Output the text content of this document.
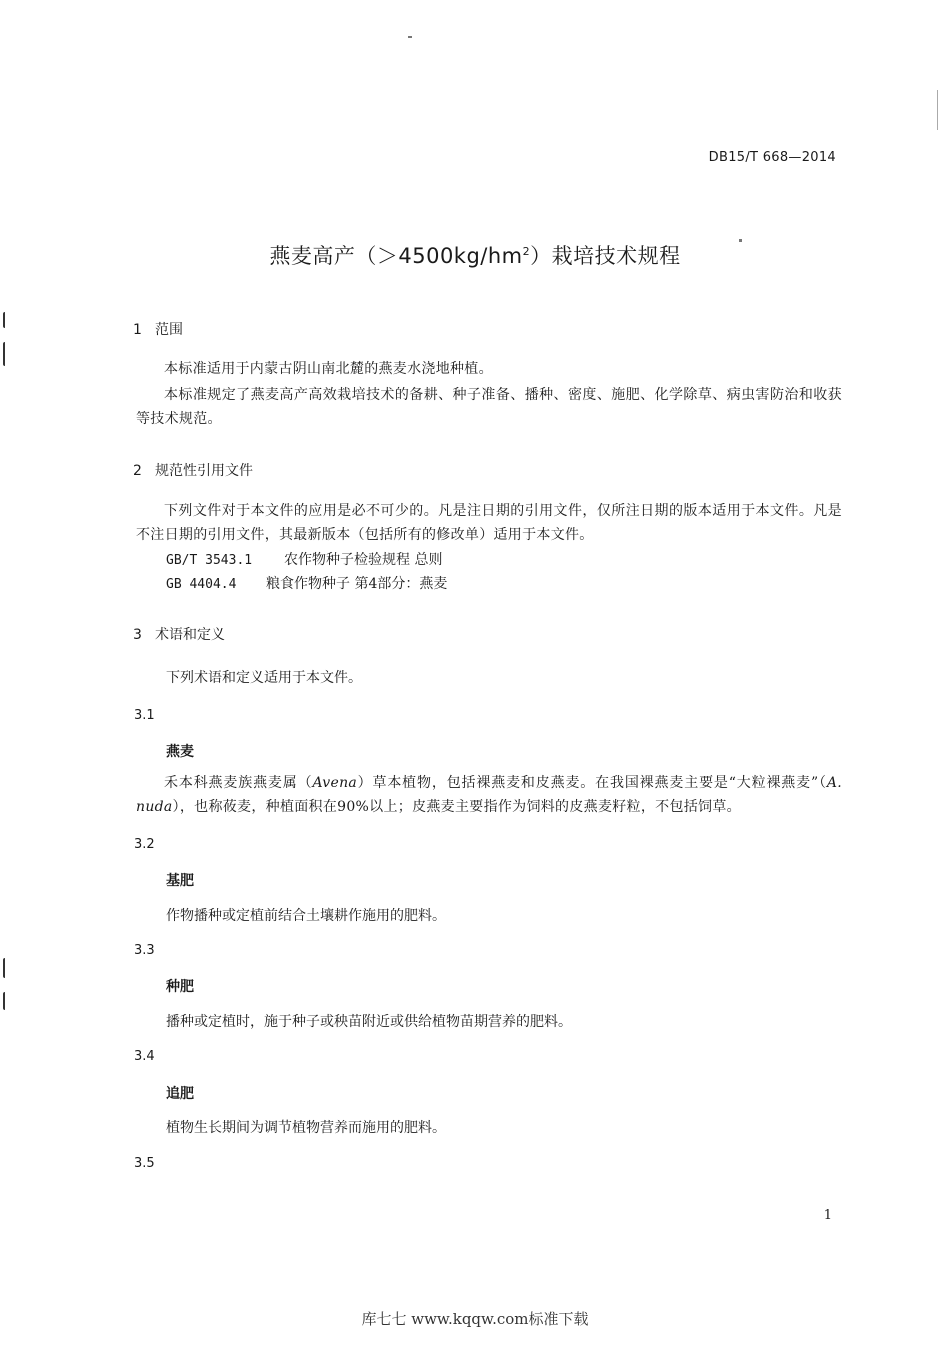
DB15/T 668—2014
燕麦高产$(>4500kg/hm^2)$栽培技术规程
1 范围
本标准适用于内蒙古阴山南北麓的燕麦水浇地种植。
本标准规定了燕麦高产高效栽培技术的备耕、种子准备、播种、密度、施肥、化学除草、病虫害防治和收获等技术规范。
2 规范性引用文件
下列文件对于本文件的应用是必不可少的。凡是注日期的引用文件，仅所注日期的版本适用于本文件。凡是不注日期的引用文件，其最新版本（包括所有的修改单）适用于本文件。
GB/T 3543.1 农作物种子检验规程 总则
GB 4404.4 粮食作物种子 第4部分：燕麦
3 术语和定义
下列术语和定义适用于本文件。
3.1
燕麦
禾本科燕麦族燕麦属（Avena）草本植物，包括裸燕麦和皮燕麦。在我国裸燕麦主要是“大粒裸燕麦”（A. nuda），也称莜麦，种植面积在90%以上；皮燕麦主要指作为饲料的皮燕麦籽粒，不包括饲草。
3.2
基肥
作物播种或定植前结合土壤耕作施用的肥料。
3.3
种肥
播种或定植时，施于种子或秧苗附近或供给植物苗期营养的肥料。
3.4
追肥
植物生长期间为调节植物营养而施用的肥料。
3.5
1
库七七 www.kqqw.com标准下载
